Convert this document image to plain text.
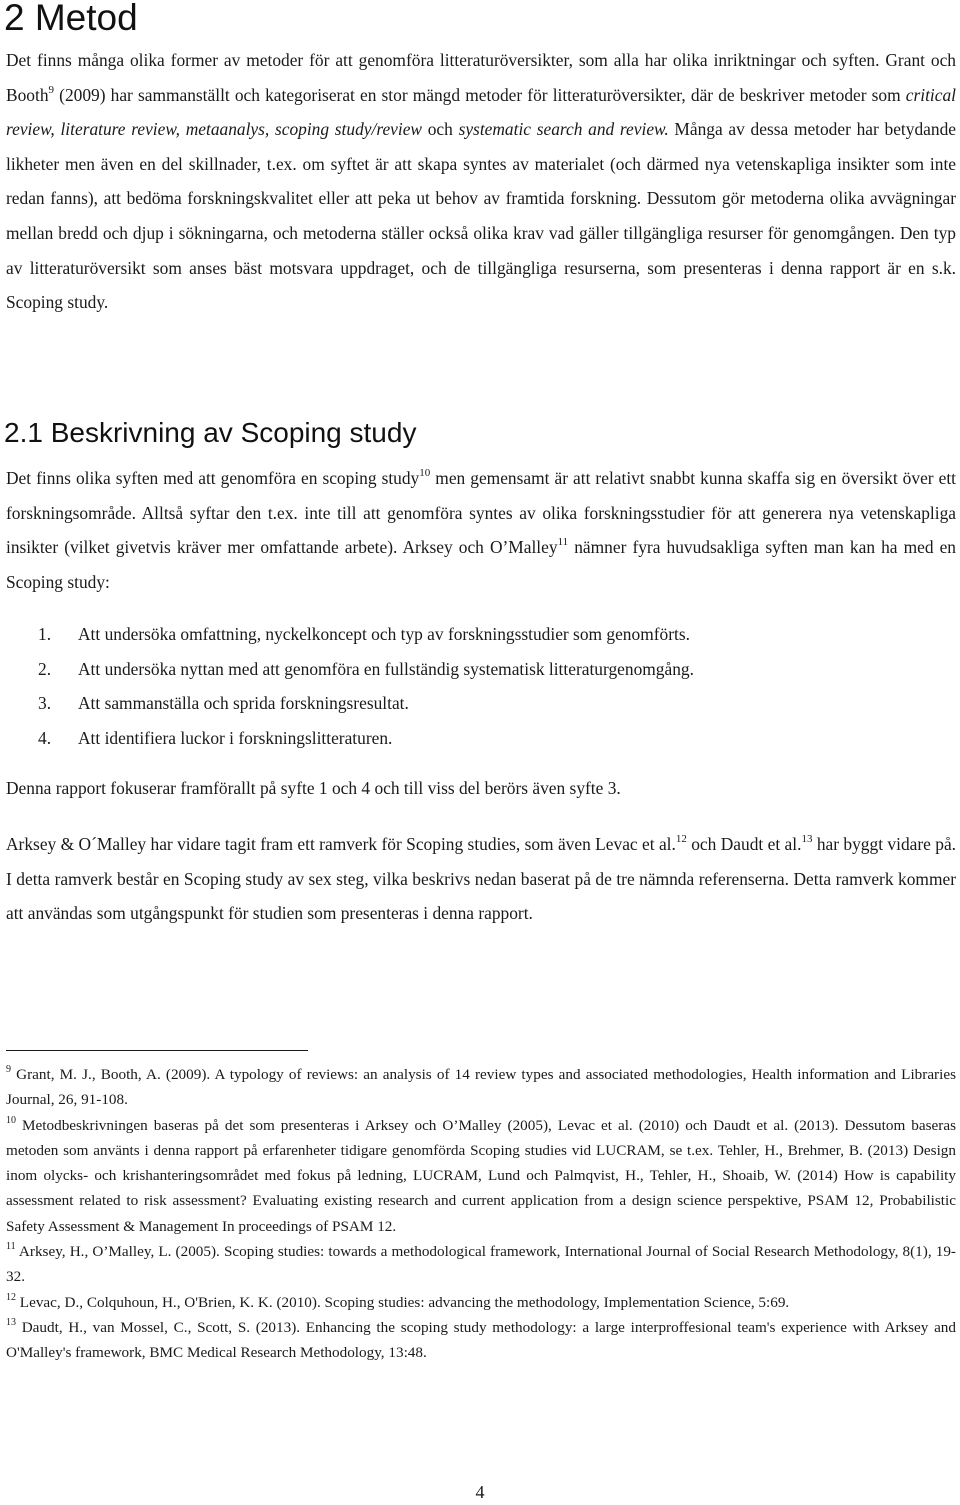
2 Metod

Det finns många olika former av metoder för att genomföra litteraturöversikter, som alla har olika inriktningar och syften. Grant och Booth$^9$ (2009) har sammanställt och kategoriserat en stor mängd metoder för litteraturöversikter, där de beskriver metoder som critical review, literature review, metaanalys, scoping study/review och systematic search and review. Många av dessa metoder har betydande likheter men även en del skillnader, t.ex. om syftet är att skapa syntes av materialet (och därmed nya vetenskapliga insikter som inte redan fanns), att bedöma forskningskvalitet eller att peka ut behov av framtida forskning. Dessutom gör metoderna olika avvägningar mellan bredd och djup i sökningarna, och metoderna ställer också olika krav vad gäller tillgängliga resurser för genomgången. Den typ av litteraturöversikt som anses bäst motsvara uppdraget, och de tillgängliga resurserna, som presenteras i denna rapport är en s.k. Scoping study.

2.1 Beskrivning av Scoping study

Det finns olika syften med att genomföra en scoping study$^{10}$ men gemensamt är att relativt snabbt kunna skaffa sig en översikt över ett forskningsområde. Alltså syftar den t.ex. inte till att genomföra syntes av olika forskningsstudier för att generera nya vetenskapliga insikter (vilket givetvis kräver mer omfattande arbete). Arksey och O’Malley$^{11}$ nämner fyra huvudsakliga syften man kan ha med en Scoping study:

1. Att undersöka omfattning, nyckelkoncept och typ av forskningsstudier som genomförts.
2. Att undersöka nyttan med att genomföra en fullständig systematisk litteraturgenomgång.
3. Att sammanställa och sprida forskningsresultat.
4. Att identifiera luckor i forskningslitteraturen.

Denna rapport fokuserar framförallt på syfte 1 och 4 och till viss del berörs även syfte 3.

Arksey & O´Malley har vidare tagit fram ett ramverk för Scoping studies, som även Levac et al.$^{12}$ och Daudt et al.$^{13}$ har byggt vidare på. I detta ramverk består en Scoping study av sex steg, vilka beskrivs nedan baserat på de tre nämnda referenserna. Detta ramverk kommer att användas som utgångspunkt för studien som presenteras i denna rapport.

$^9$ Grant, M. J., Booth, A. (2009). A typology of reviews: an analysis of 14 review types and associated methodologies, Health information and Libraries Journal, 26, 91-108.

$^{10}$ Metodbeskrivningen baseras på det som presenteras i Arksey och O’Malley (2005), Levac et al. (2010) och Daudt et al. (2013). Dessutom baseras metoden som använts i denna rapport på erfarenheter tidigare genomförda Scoping studies vid LUCRAM, se t.ex. Tehler, H., Brehmer, B. (2013) Design inom olycks- och krishanteringsområdet med fokus på ledning, LUCRAM, Lund och Palmqvist, H., Tehler, H., Shoaib, W. (2014) How is capability assessment related to risk assessment? Evaluating existing research and current application from a design science perspektive, PSAM 12, Probabilistic Safety Assessment & Management In proceedings of PSAM 12.

$^{11}$ Arksey, H., O’Malley, L. (2005). Scoping studies: towards a methodological framework, International Journal of Social Research Methodology, 8(1), 19-32.

$^{12}$ Levac, D., Colquhoun, H., O'Brien, K. K. (2010). Scoping studies: advancing the methodology, Implementation Science, 5:69.

$^{13}$ Daudt, H., van Mossel, C., Scott, S. (2013). Enhancing the scoping study methodology: a large interproffesional team's experience with Arksey and O'Malley's framework, BMC Medical Research Methodology, 13:48.

4
